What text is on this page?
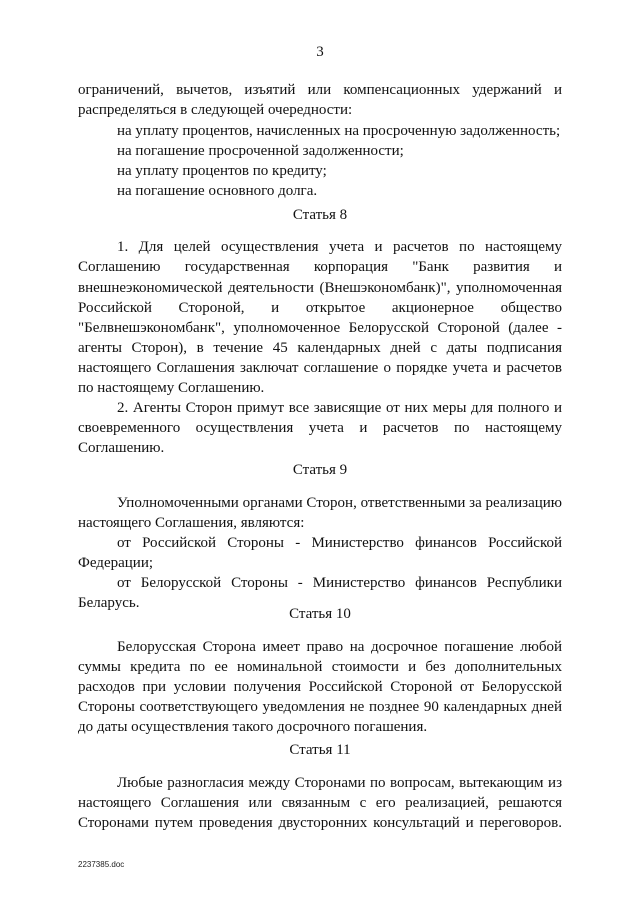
3
ограничений, вычетов, изъятий или компенсационных удержаний и
распределяться в следующей очередности:
на уплату процентов, начисленных на просроченную задолженность;
на погашение просроченной задолженности;
на уплату процентов по кредиту;
на погашение основного долга.
Статья 8
1. Для целей осуществления учета и расчетов по настоящему
Соглашению государственная корпорация "Банк развития и
внешнеэкономической деятельности (Внешэкономбанк)", уполномоченная
Российской Стороной, и открытое акционерное общество
"Белвнешэкономбанк", уполномоченное Белорусской Стороной (далее -
агенты Сторон), в течение 45 календарных дней с даты подписания
настоящего Соглашения заключат соглашение о порядке учета и расчетов
по настоящему Соглашению.
2. Агенты Сторон примут все зависящие от них меры для полного и
своевременного осуществления учета и расчетов по настоящему
Соглашению.
Статья 9
Уполномоченными органами Сторон, ответственными за реализацию
настоящего Соглашения, являются:
от Российской Стороны - Министерство финансов Российской
Федерации;
от Белорусской Стороны - Министерство финансов Республики
Беларусь.
Статья 10
Белорусская Сторона имеет право на досрочное погашение любой
суммы кредита по ее номинальной стоимости и без дополнительных
расходов при условии получения Российской Стороной от Белорусской
Стороны соответствующего уведомления не позднее 90 календарных дней
до даты осуществления такого досрочного погашения.
Статья 11
Любые разногласия между Сторонами по вопросам, вытекающим из
настоящего Соглашения или связанным с его реализацией, решаются
Сторонами путем проведения двусторонних консультаций и переговоров.
2237385.doc
